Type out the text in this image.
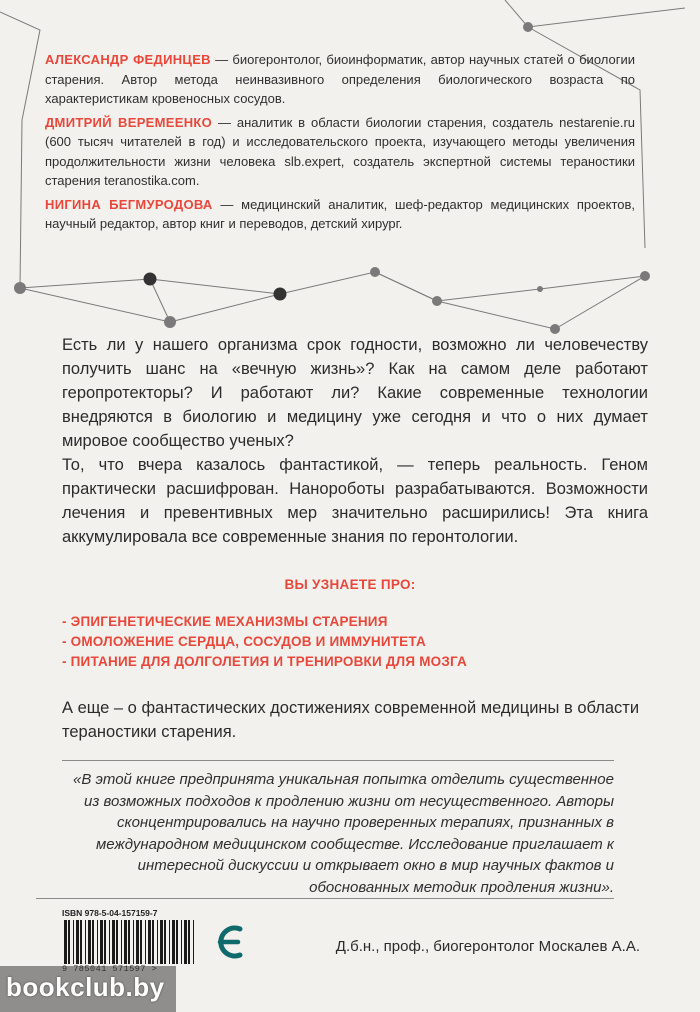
АЛЕКСАНДР ФЕДИНЦЕВ — биогеронтолог, биоинформатик, автор научных статей о биологии старения. Автор метода неинвазивного определения биологического возраста по характеристикам кровеносных сосудов.

ДМИТРИЙ ВЕРЕМЕЕНКО — аналитик в области биологии старения, создатель nestarenie.ru (600 тысяч читателей в год) и исследовательского проекта, изучающего методы увеличения продолжительности жизни человека slb.expert, создатель экспертной системы тераностики старения teranostika.com.

НИГИНА БЕГМУРОДОВА — медицинский аналитик, шеф-редактор медицинских проектов, научный редактор, автор книг и переводов, детский хирург.

Есть ли у нашего организма срок годности, возможно ли человечеству получить шанс на «вечную жизнь»? Как на самом деле работают геропротекторы? И работают ли? Какие современные технологии внедряются в биологию и медицину уже сегодня и что о них думает мировое сообщество ученых?

То, что вчера казалось фантастикой, — теперь реальность. Геном практически расшифрован. Нанороботы разрабатываются. Возможности лечения и превентивных мер значительно расширились! Эта книга аккумулировала все современные знания по геронтологии.

ВЫ УЗНАЕТЕ ПРО:
- ЭПИГЕНЕТИЧЕСКИЕ МЕХАНИЗМЫ СТАРЕНИЯ
- ОМОЛОЖЕНИЕ СЕРДЦА, СОСУДОВ И ИММУНИТЕТА
- ПИТАНИЕ ДЛЯ ДОЛГОЛЕТИЯ И ТРЕНИРОВКИ ДЛЯ МОЗГА
А еще – о фантастических достижениях современной медицины в области тераностики старения.

«В этой книге предпринята уникальная попытка отделить существенное из возможных подходов к продлению жизни от несущественного. Авторы сконцентрировались на научно проверенных терапиях, признанных в международном медицинском сообществе. Исследование приглашает к интересной дискуссии и открывает окно в мир научных фактов и обоснованных методик продления жизни».

ISBN 978-5-04-157159-7
Д.б.н., проф., биогеронтолог Москалев А.А.
bookclub.by
